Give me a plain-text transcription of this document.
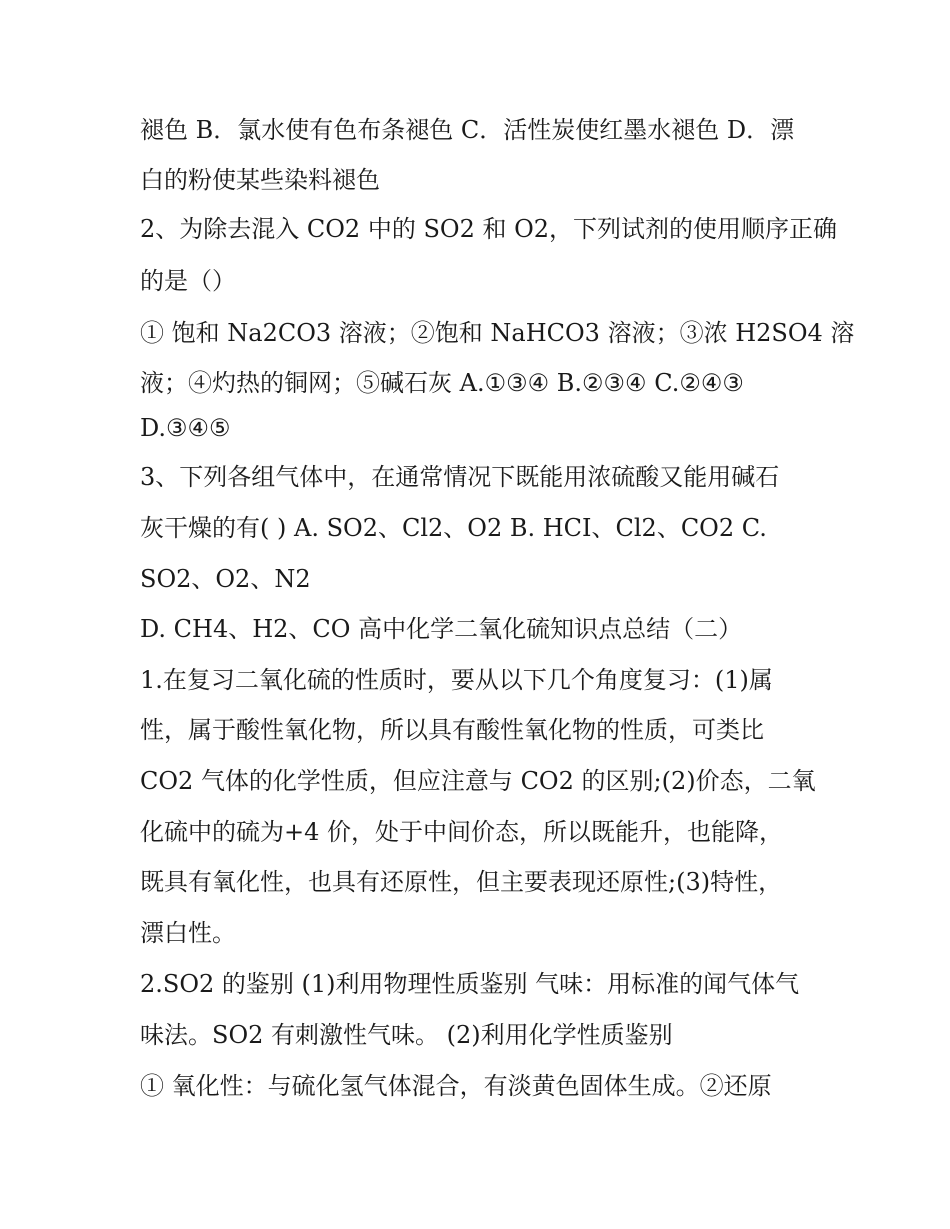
褪色 B．氯水使有色布条褪色 C．活性炭使红墨水褪色 D．漂
白的粉使某些染料褪色
2、为除去混入 CO2 中的 SO2 和 O2，下列试剂的使用顺序正确
的是（）
① 饱和 Na2CO3 溶液；②饱和 NaHCO3 溶液；③浓 H2SO4 溶
液；④灼热的铜网；⑤碱石灰 A.①③④ B.②③④ C.②④③
D.③④⑤
3、下列各组气体中，在通常情况下既能用浓硫酸又能用碱石
灰干燥的有( ) A. SO2、Cl2、O2 B. HCI、Cl2、CO2 C.
SO2、O2、N2
D. CH4、H2、CO 高中化学二氧化硫知识点总结（二）
1.在复习二氧化硫的性质时，要从以下几个角度复习：(1)属
性，属于酸性氧化物，所以具有酸性氧化物的性质，可类比
CO2 气体的化学性质，但应注意与 CO2 的区别;(2)价态，二氧
化硫中的硫为+4 价，处于中间价态，所以既能升，也能降，
既具有氧化性，也具有还原性，但主要表现还原性;(3)特性，
漂白性。
2.SO2 的鉴别 (1)利用物理性质鉴别 气味：用标准的闻气体气
味法。SO2 有刺激性气味。 (2)利用化学性质鉴别
① 氧化性：与硫化氢气体混合，有淡黄色固体生成。②还原
